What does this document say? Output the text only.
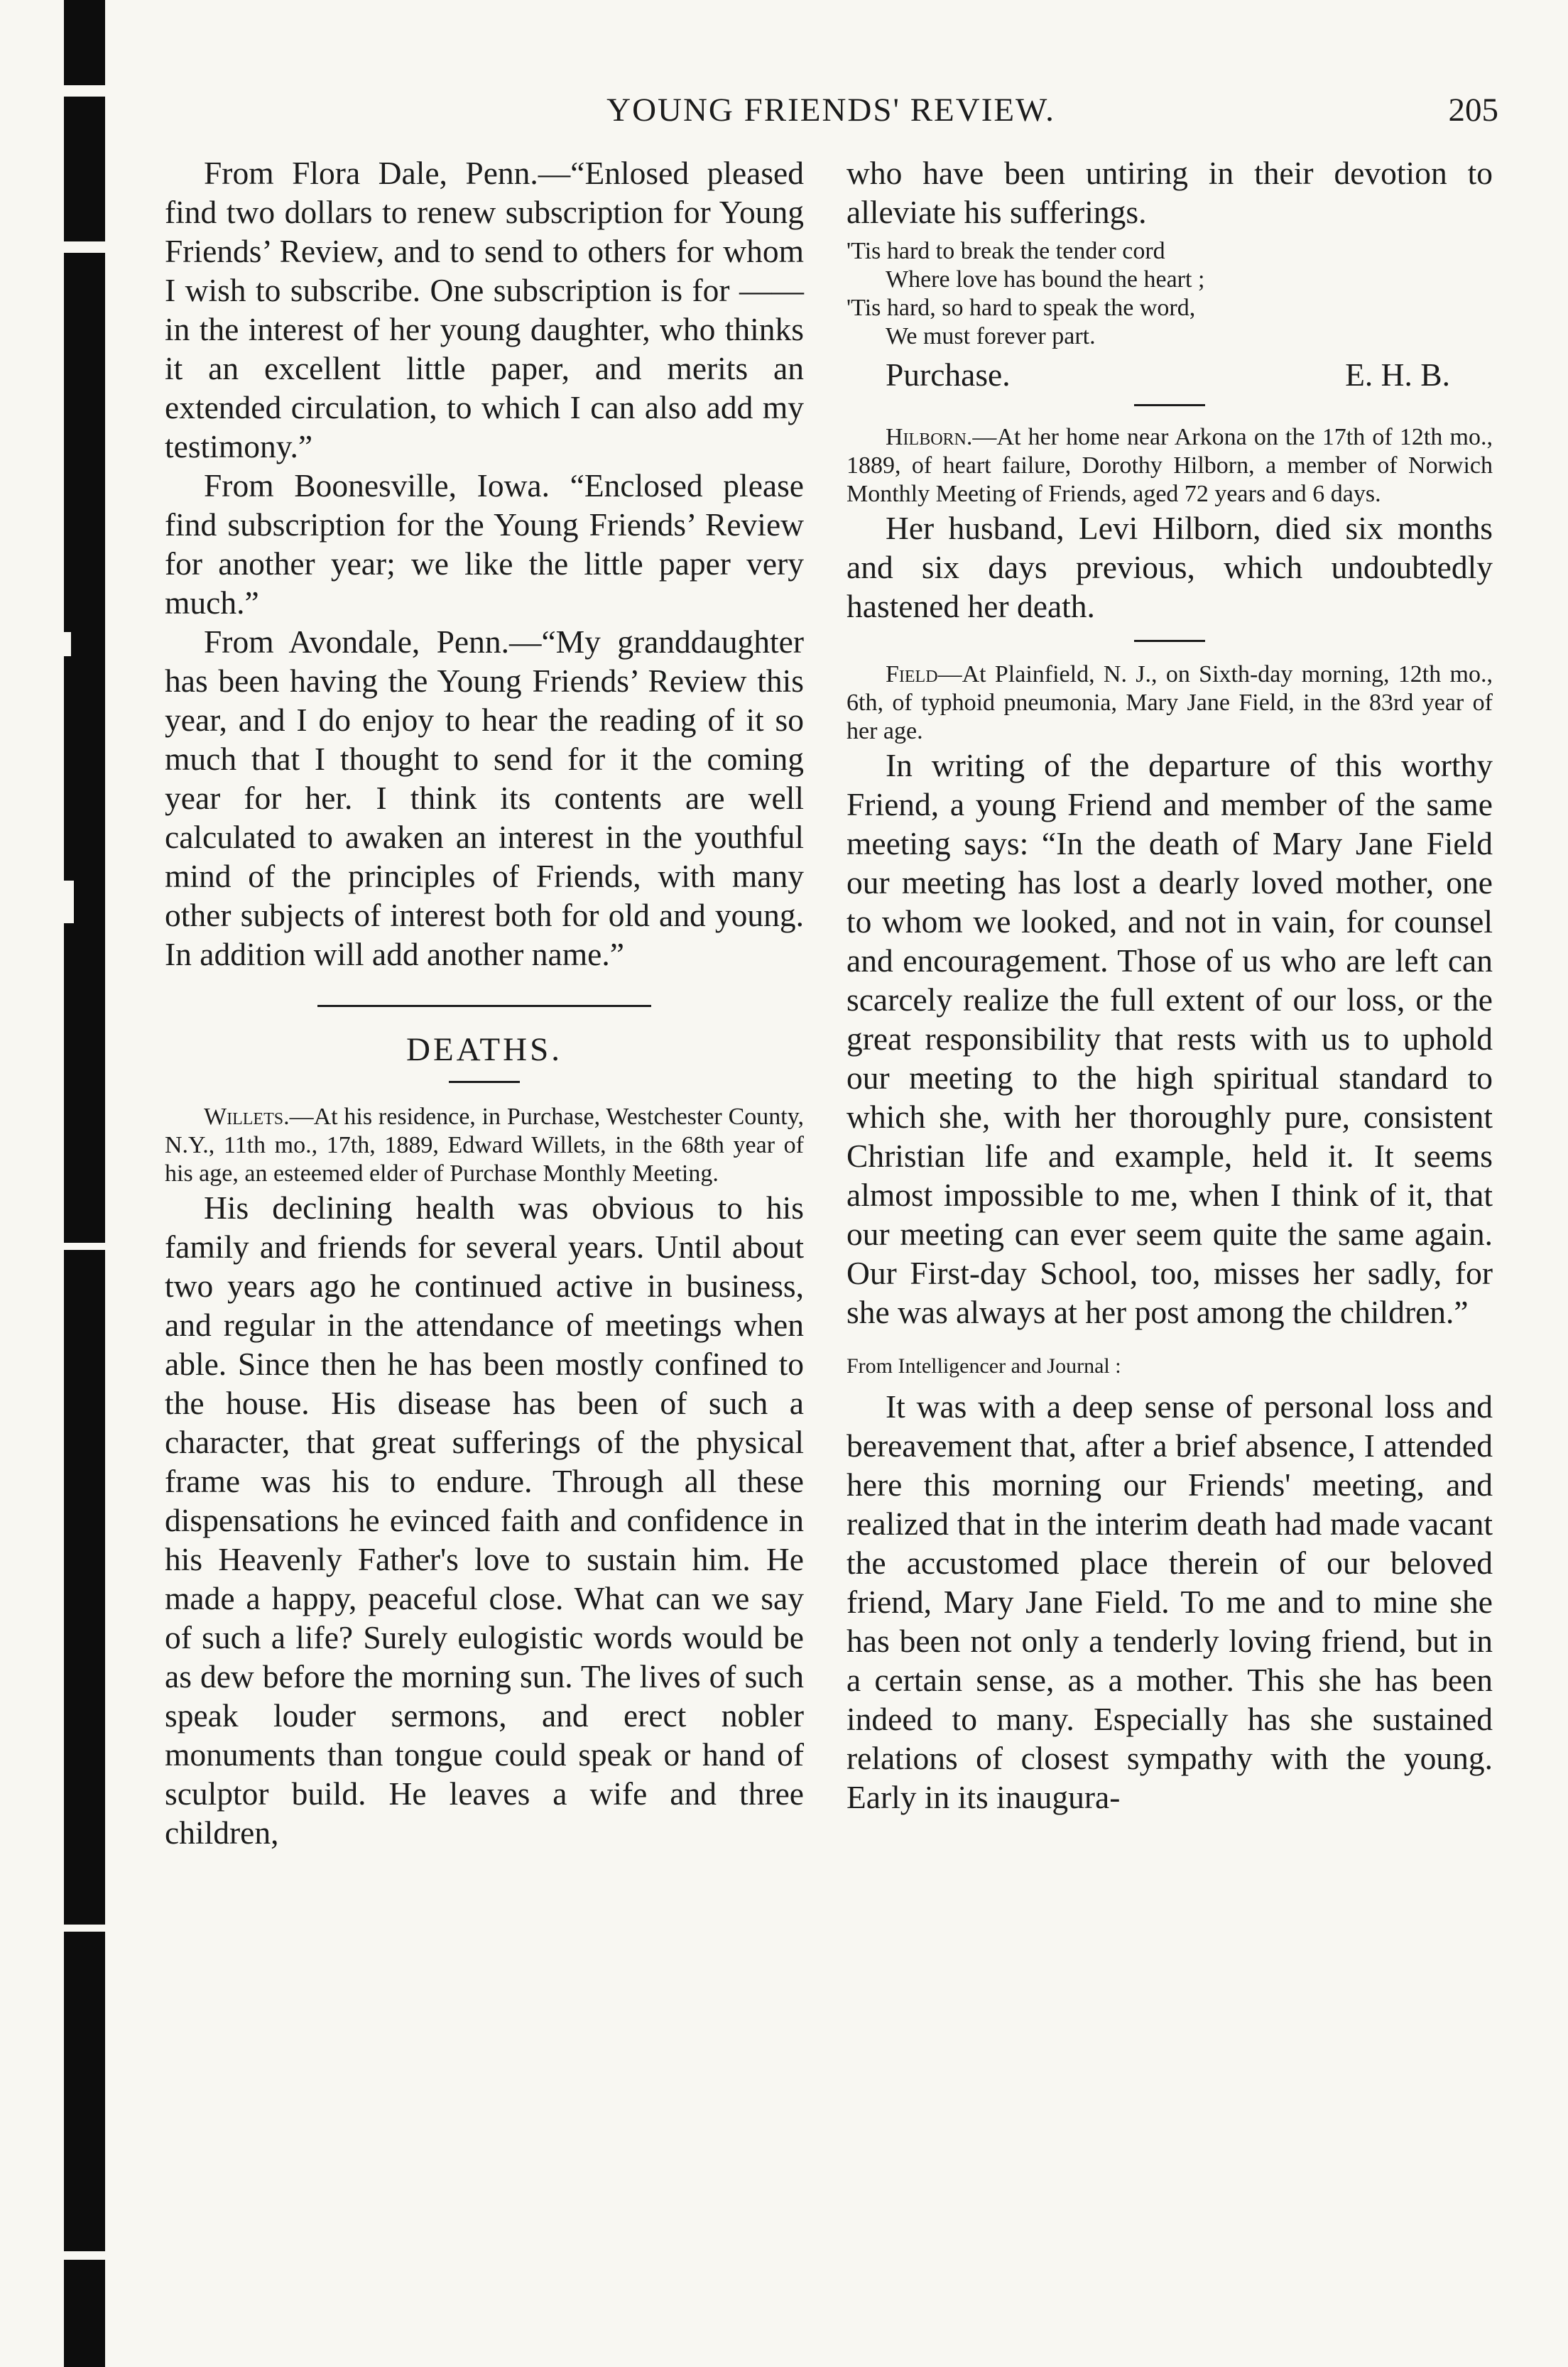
YOUNG FRIENDS' REVIEW.	205

From Flora Dale, Penn.—“Enlosed pleased find two dollars to renew subscription for Young Friends’ Review, and to send to others for whom I wish to subscribe. One subscription is for ——in the interest of her young daughter, who thinks it an excellent little paper, and merits an extended circulation, to which I can also add my testimony.”

From Boonesville, Iowa. “Enclosed please find subscription for the Young Friends’ Review for another year; we like the little paper very much.”

From Avondale, Penn.—“My granddaughter has been having the Young Friends’ Review this year, and I do enjoy to hear the reading of it so much that I thought to send for it the coming year for her. I think its contents are well calculated to awaken an interest in the youthful mind of the principles of Friends, with many other subjects of interest both for old and young. In addition will add another name.”

DEATHS.

Willets.—At his residence, in Purchase, Westchester County, N.Y., 11th mo., 17th, 1889, Edward Willets, in the 68th year of his age, an esteemed elder of Purchase Monthly Meeting.

His declining health was obvious to his family and friends for several years. Until about two years ago he continued active in business, and regular in the attendance of meetings when able. Since then he has been mostly confined to the house. His disease has been of such a character, that great sufferings of the physical frame was his to endure. Through all these dispensations he evinced faith and confidence in his Heavenly Father's love to sustain him. He made a happy, peaceful close. What can we say of such a life? Surely eulogistic words would be as dew before the morning sun. The lives of such speak louder sermons, and erect nobler monuments than tongue could speak or hand of sculptor build. He leaves a wife and three children,

who have been untiring in their devotion to alleviate his sufferings.

'Tis hard to break the tender cord
Where love has bound the heart ;
'Tis hard, so hard to speak the word,
We must forever part.
Purchase.	E. H. B.

Hilborn.—At her home near Arkona on the 17th of 12th mo., 1889, of heart failure, Dorothy Hilborn, a member of Norwich Monthly Meeting of Friends, aged 72 years and 6 days.

Her husband, Levi Hilborn, died six months and six days previous, which undoubtedly hastened her death.

Field—At Plainfield, N. J., on Sixth-day morning, 12th mo., 6th, of typhoid pneumonia, Mary Jane Field, in the 83rd year of her age.

In writing of the departure of this worthy Friend, a young Friend and member of the same meeting says: “In the death of Mary Jane Field our meeting has lost a dearly loved mother, one to whom we looked, and not in vain, for counsel and encouragement. Those of us who are left can scarcely realize the full extent of our loss, or the great responsibility that rests with us to uphold our meeting to the high spiritual standard to which she, with her thoroughly pure, consistent Christian life and example, held it. It seems almost impossible to me, when I think of it, that our meeting can ever seem quite the same again. Our First-day School, too, misses her sadly, for she was always at her post among the children.”

From Intelligencer and Journal :

It was with a deep sense of personal loss and bereavement that, after a brief absence, I attended here this morning our Friends' meeting, and realized that in the interim death had made vacant the accustomed place therein of our beloved friend, Mary Jane Field. To me and to mine she has been not only a tenderly loving friend, but in a certain sense, as a mother. This she has been indeed to many. Especially has she sustained relations of closest sympathy with the young. Early in its inaugura-
